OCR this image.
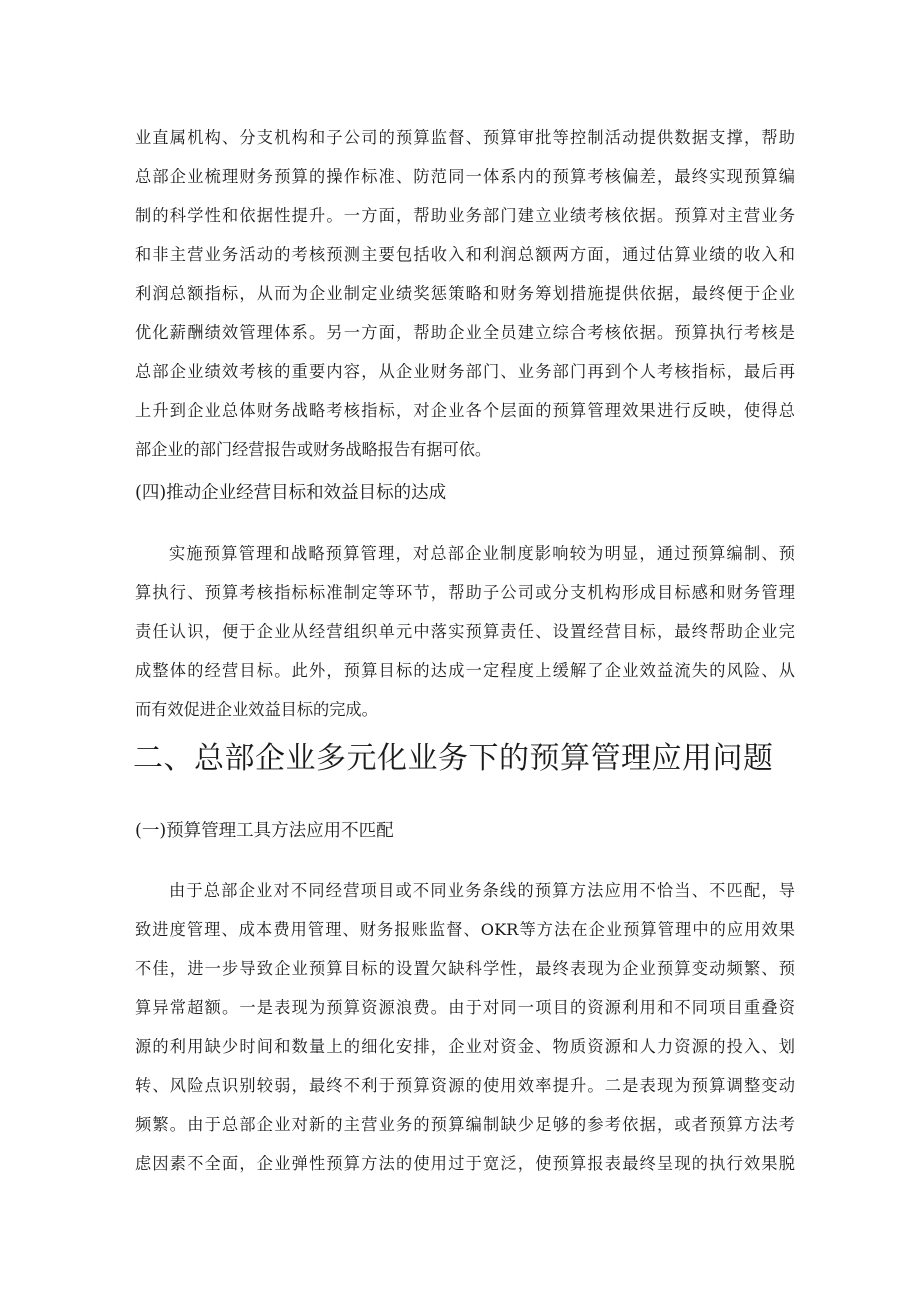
业直属机构、分支机构和子公司的预算监督、预算审批等控制活动提供数据支撑，帮助
总部企业梳理财务预算的操作标准、防范同一体系内的预算考核偏差，最终实现预算编
制的科学性和依据性提升。一方面，帮助业务部门建立业绩考核依据。预算对主营业务
和非主营业务活动的考核预测主要包括收入和利润总额两方面，通过估算业绩的收入和
利润总额指标，从而为企业制定业绩奖惩策略和财务筹划措施提供依据，最终便于企业
优化薪酬绩效管理体系。另一方面，帮助企业全员建立综合考核依据。预算执行考核是
总部企业绩效考核的重要内容，从企业财务部门、业务部门再到个人考核指标，最后再
上升到企业总体财务战略考核指标，对企业各个层面的预算管理效果进行反映，使得总
部企业的部门经营报告或财务战略报告有据可依。
(四)推动企业经营目标和效益目标的达成
实施预算管理和战略预算管理，对总部企业制度影响较为明显，通过预算编制、预
算执行、预算考核指标标准制定等环节，帮助子公司或分支机构形成目标感和财务管理
责任认识，便于企业从经营组织单元中落实预算责任、设置经营目标，最终帮助企业完
成整体的经营目标。此外，预算目标的达成一定程度上缓解了企业效益流失的风险、从
而有效促进企业效益目标的完成。
二、总部企业多元化业务下的预算管理应用问题
(一)预算管理工具方法应用不匹配
由于总部企业对不同经营项目或不同业务条线的预算方法应用不恰当、不匹配，导
致进度管理、成本费用管理、财务报账监督、OKR等方法在企业预算管理中的应用效果
不佳，进一步导致企业预算目标的设置欠缺科学性，最终表现为企业预算变动频繁、预
算异常超额。一是表现为预算资源浪费。由于对同一项目的资源利用和不同项目重叠资
源的利用缺少时间和数量上的细化安排，企业对资金、物质资源和人力资源的投入、划
转、风险点识别较弱，最终不利于预算资源的使用效率提升。二是表现为预算调整变动
频繁。由于总部企业对新的主营业务的预算编制缺少足够的参考依据，或者预算方法考
虑因素不全面，企业弹性预算方法的使用过于宽泛，使预算报表最终呈现的执行效果脱
